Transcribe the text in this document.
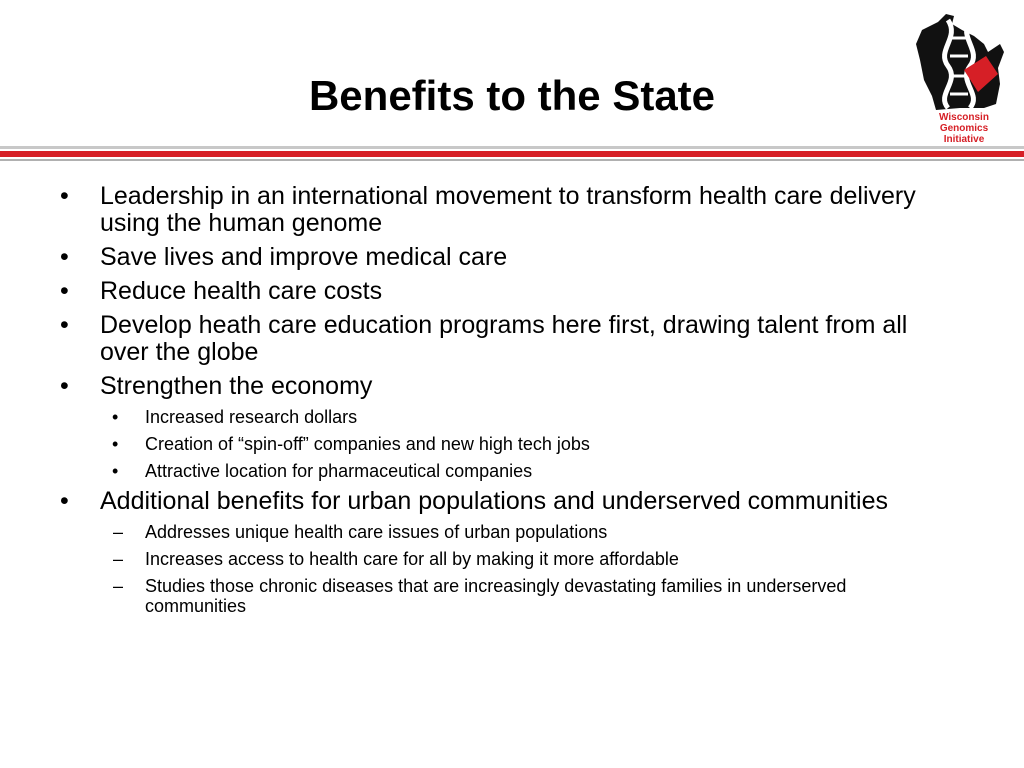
Benefits to the State	Wisconsin
Genomics
Initiative
• Leadership in an international movement to transform health care delivery using the human genome
• Save lives and improve medical care
• Reduce health care costs
• Develop heath care education programs here first, drawing talent from all over the globe
• Strengthen the economy
• Increased research dollars
• Creation of “spin-off” companies and new high tech jobs
• Attractive location for pharmaceutical companies
• Additional benefits for urban populations and underserved communities
– Addresses unique health care issues of urban populations
– Increases access to health care for all by making it more affordable
– Studies those chronic diseases that are increasingly devastating families in underserved communities
